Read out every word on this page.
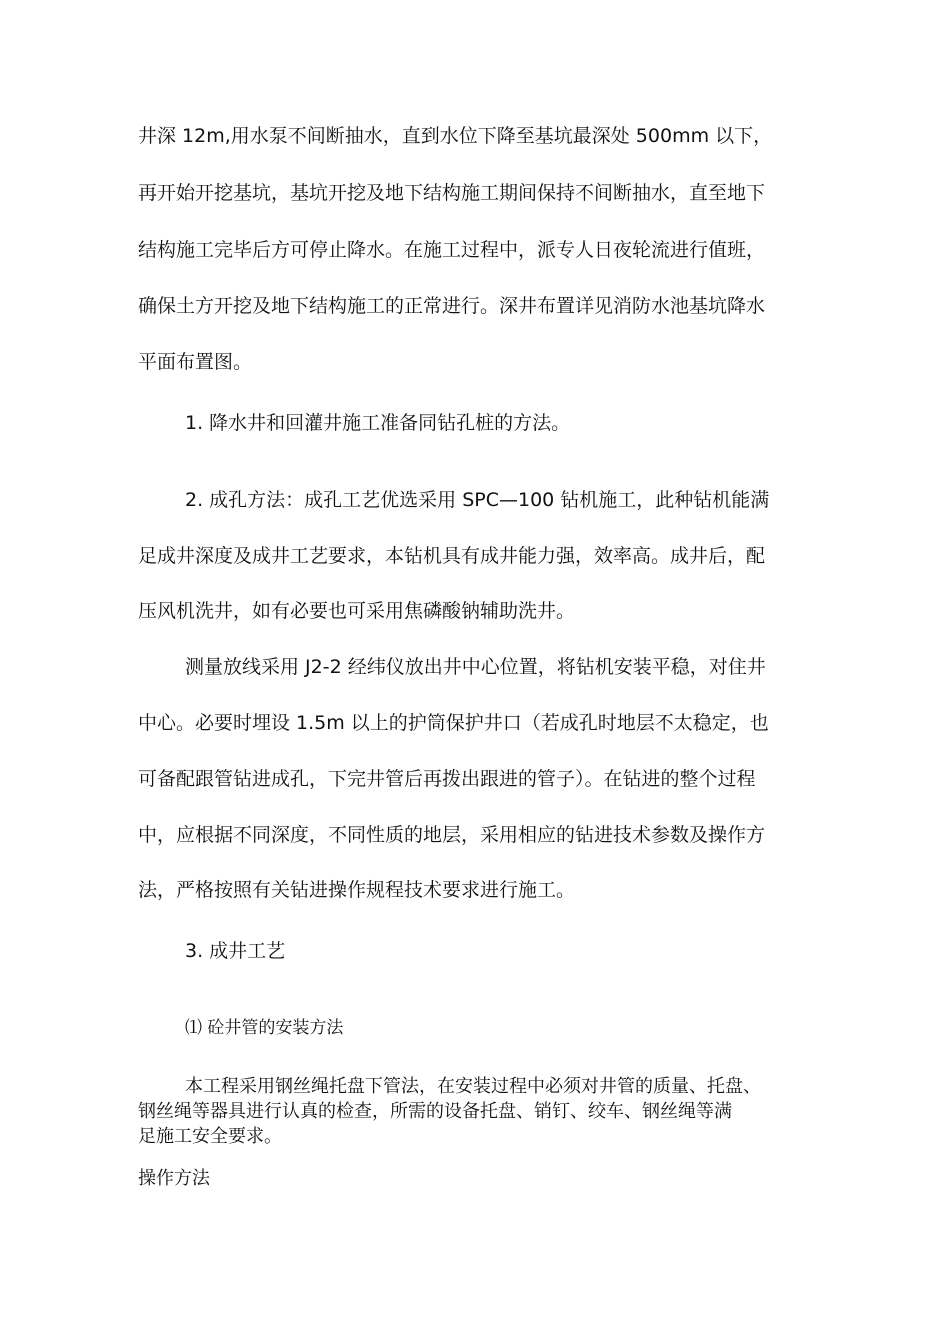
井深 12m,用水泵不间断抽水，直到水位下降至基坑最深处 500mm 以下，
再开始开挖基坑，基坑开挖及地下结构施工期间保持不间断抽水，直至地下
结构施工完毕后方可停止降水。在施工过程中，派专人日夜轮流进行值班，
确保土方开挖及地下结构施工的正常进行。深井布置详见消防水池基坑降水
平面布置图。
1. 降水井和回灌井施工准备同钻孔桩的方法。
2. 成孔方法：成孔工艺优选采用 SPC—100 钻机施工，此种钻机能满
足成井深度及成井工艺要求，本钻机具有成井能力强，效率高。成井后，配
压风机洗井，如有必要也可采用焦磷酸钠辅助洗井。
测量放线采用 J2-2 经纬仪放出井中心位置，将钻机安装平稳，对住井
中心。必要时埋设 1.5m 以上的护筒保护井口（若成孔时地层不太稳定，也
可备配跟管钻进成孔，下完井管后再拨出跟进的管子）。在钻进的整个过程
中，应根据不同深度，不同性质的地层，采用相应的钻进技术参数及操作方
法，严格按照有关钻进操作规程技术要求进行施工。
3. 成井工艺
⑴ 砼井管的安装方法
本工程采用钢丝绳托盘下管法，在安装过程中必须对井管的质量、托盘、
钢丝绳等器具进行认真的检查，所需的设备托盘、销钉、绞车、钢丝绳等满
足施工安全要求。
操作方法
